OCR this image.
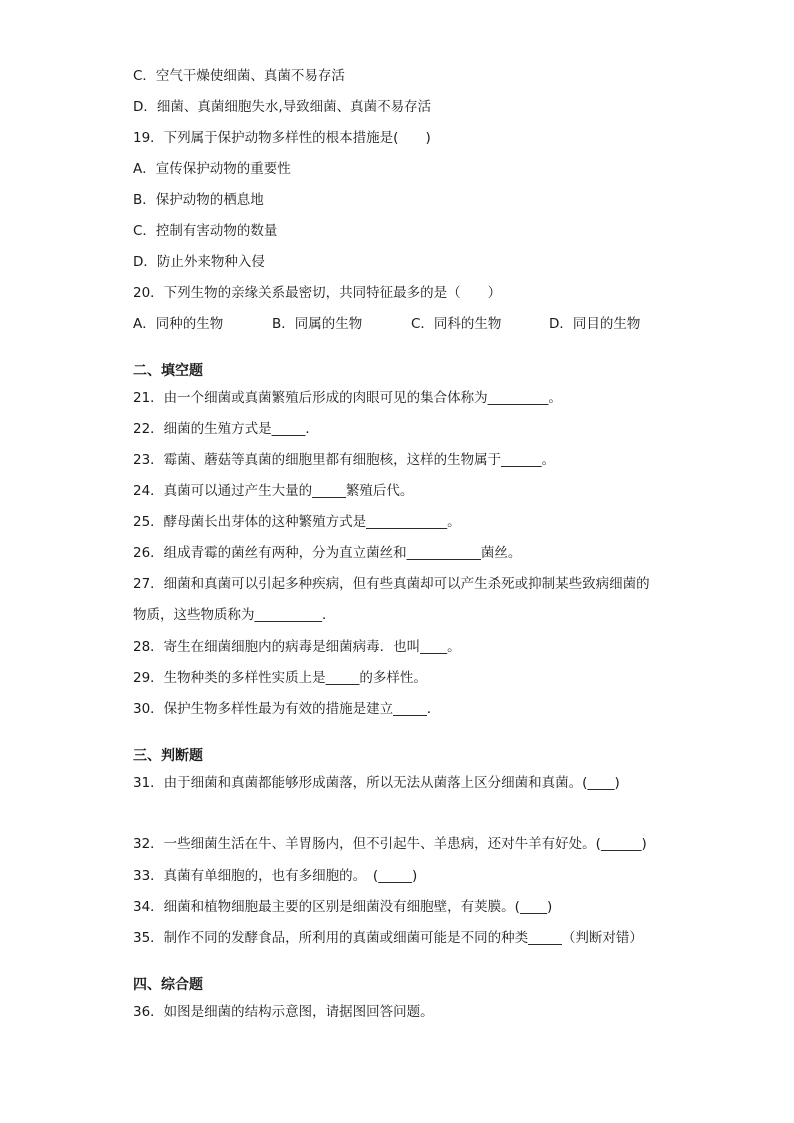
C．空气干燥使细菌、真菌不易存活
D．细菌、真菌细胞失水,导致细菌、真菌不易存活
19．下列属于保护动物多样性的根本措施是(　　)
A．宣传保护动物的重要性
B．保护动物的栖息地
C．控制有害动物的数量
D．防止外来物种入侵
20．下列生物的亲缘关系最密切，共同特征最多的是（　　）
A．同种的生物	B．同属的生物	C．同科的生物	D．同目的生物
二、填空题
21．由一个细菌或真菌繁殖后形成的肉眼可见的集合体称为_________。
22．细菌的生殖方式是_____．
23．霉菌、蘑菇等真菌的细胞里都有细胞核，这样的生物属于______。
24．真菌可以通过产生大量的_____繁殖后代。
25．酵母菌长出芽体的这种繁殖方式是____________。
26．组成青霉的菌丝有两种，分为直立菌丝和___________菌丝。
27．细菌和真菌可以引起多种疾病，但有些真菌却可以产生杀死或抑制某些致病细菌的
物质，这些物质称为__________．
28．寄生在细菌细胞内的病毒是细菌病毒．也叫____。
29．生物种类的多样性实质上是_____的多样性。
30．保护生物多样性最为有效的措施是建立_____．
三、判断题
31．由于细菌和真菌都能够形成菌落，所以无法从菌落上区分细菌和真菌。(____)
32．一些细菌生活在牛、羊胃肠内，但不引起牛、羊患病，还对牛羊有好处。(______)
33．真菌有单细胞的，也有多细胞的。　(_____)
34．细菌和植物细胞最主要的区别是细菌没有细胞壁，有荚膜。(____)
35．制作不同的发酵食品，所利用的真菌或细菌可能是不同的种类_____（判断对错）
四、综合题
36．如图是细菌的结构示意图，请据图回答问题。
